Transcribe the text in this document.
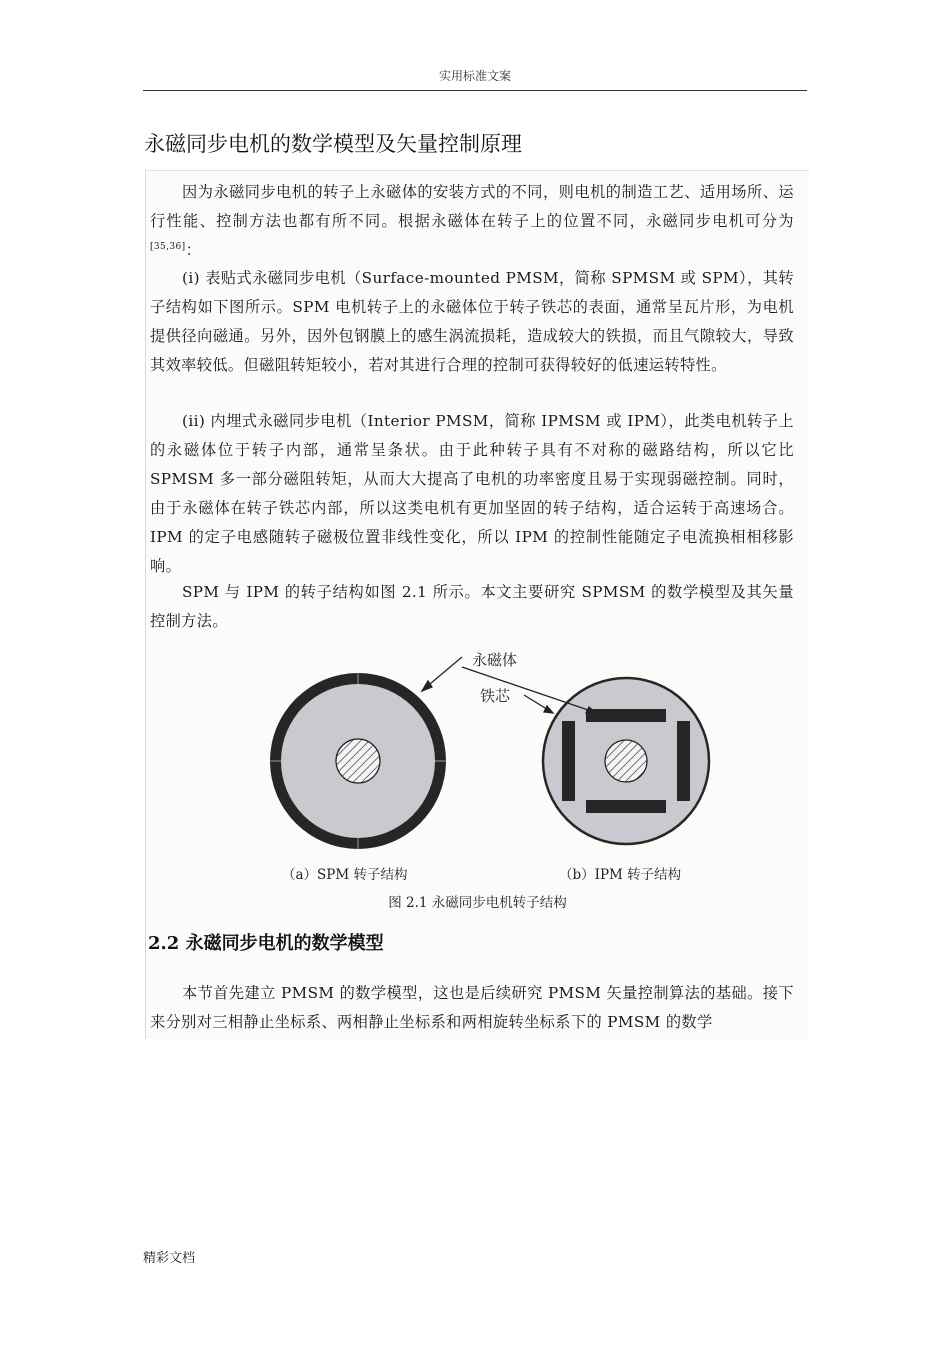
实用标准文案
永磁同步电机的数学模型及矢量控制原理

因为永磁同步电机的转子上永磁体的安装方式的不同，则电机的制造工艺、适用场所、运行性能、控制方法也都有所不同。根据永磁体在转子上的位置不同，永磁同步电机可分为[35,36]：

(i) 表贴式永磁同步电机（Surface-mounted PMSM，简称 SPMSM 或 SPM），其转子结构如下图所示。SPM 电机转子上的永磁体位于转子铁芯的表面，通常呈瓦片形，为电机提供径向磁通。另外，因外包钢膜上的感生涡流损耗，造成较大的铁损，而且气隙较大，导致其效率较低。但磁阻转矩较小，若对其进行合理的控制可获得较好的低速运转特性。

(ii) 内埋式永磁同步电机（Interior PMSM，简称 IPMSM 或 IPM），此类电机转子上的永磁体位于转子内部，通常呈条状。由于此种转子具有不对称的磁路结构，所以它比 SPMSM 多一部分磁阻转矩，从而大大提高了电机的功率密度且易于实现弱磁控制。同时，由于永磁体在转子铁芯内部，所以这类电机有更加坚固的转子结构，适合运转于高速场合。IPM 的定子电感随转子磁极位置非线性变化，所以 IPM 的控制性能随定子电流换相相移影响。

SPM 与 IPM 的转子结构如图 2.1 所示。本文主要研究 SPMSM 的数学模型及其矢量控制方法。

永磁体
铁芯
（a）SPM 转子结构	（b）IPM 转子结构
图 2.1 永磁同步电机转子结构
2.2 永磁同步电机的数学模型

本节首先建立 PMSM 的数学模型，这也是后续研究 PMSM 矢量控制算法的基础。接下来分别对三相静止坐标系、两相静止坐标系和两相旋转坐标系下的 PMSM 的数学

精彩文档
